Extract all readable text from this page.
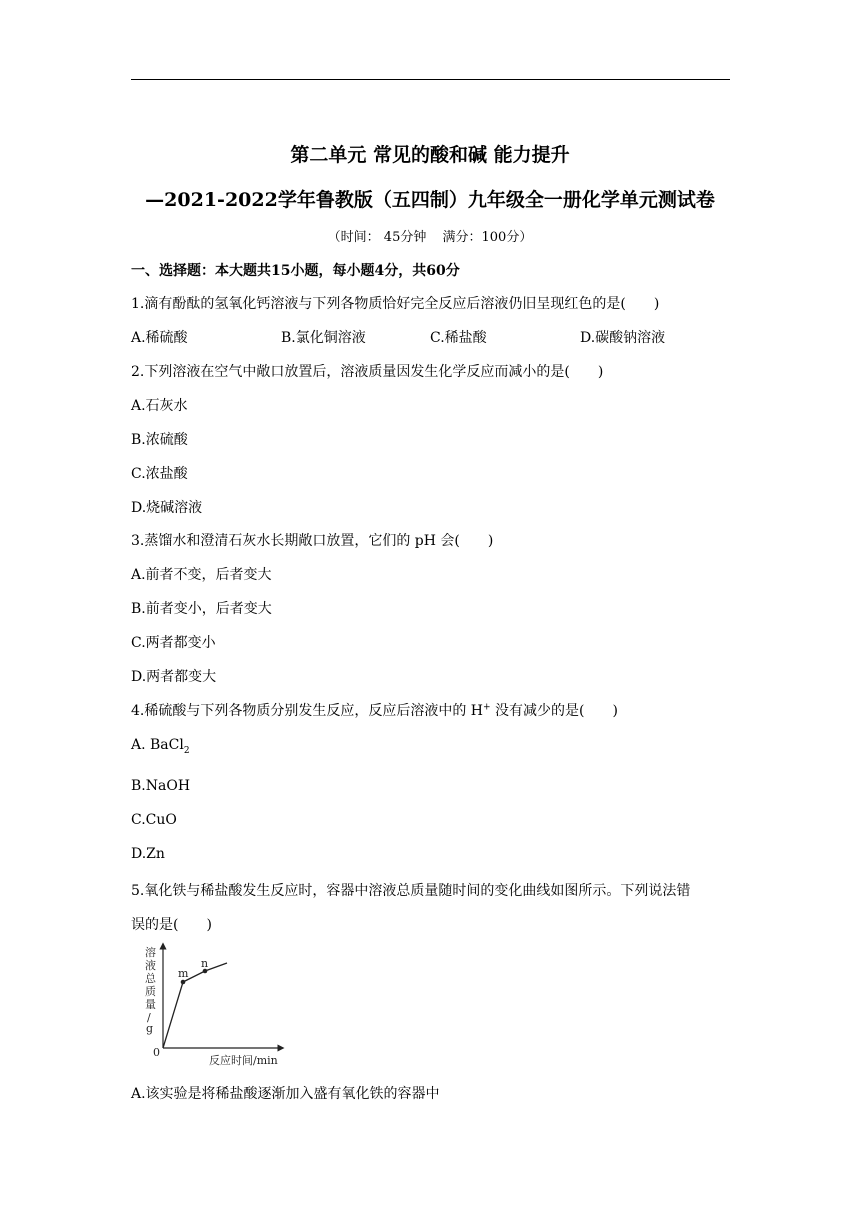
第二单元 常见的酸和碱 能力提升
—2021-2022学年鲁教版（五四制）九年级全一册化学单元测试卷
（时间： 45分钟 满分：100分）
一、选择题：本大题共15小题，每小题4分，共60分
1.滴有酚酞的氢氧化钙溶液与下列各物质恰好完全反应后溶液仍旧呈现红色的是(　　)
A.稀硫酸	B.氯化铜溶液	C.稀盐酸	D.碳酸钠溶液
2.下列溶液在空气中敞口放置后，溶液质量因发生化学反应而减小的是(　　)
A.石灰水
B.浓硫酸
C.浓盐酸
D.烧碱溶液
3.蒸馏水和澄清石灰水长期敞口放置，它们的 pH 会(　　)
A.前者不变，后者变大
B.前者变小，后者变大
C.两者都变小
D.两者都变大
4.稀硫酸与下列各物质分别发生反应，反应后溶液中的 H+ 没有减少的是(　　)
A. BaCl$_2$
B.NaOH
C.CuO
D.Zn
5.氧化铁与稀盐酸发生反应时，容器中溶液总质量随时间的变化曲线如图所示。下列说法错
误的是(　　)
溶
液
总
质
量
/
g
0
反应时间/min
m
n
A.该实验是将稀盐酸逐渐加入盛有氧化铁的容器中
